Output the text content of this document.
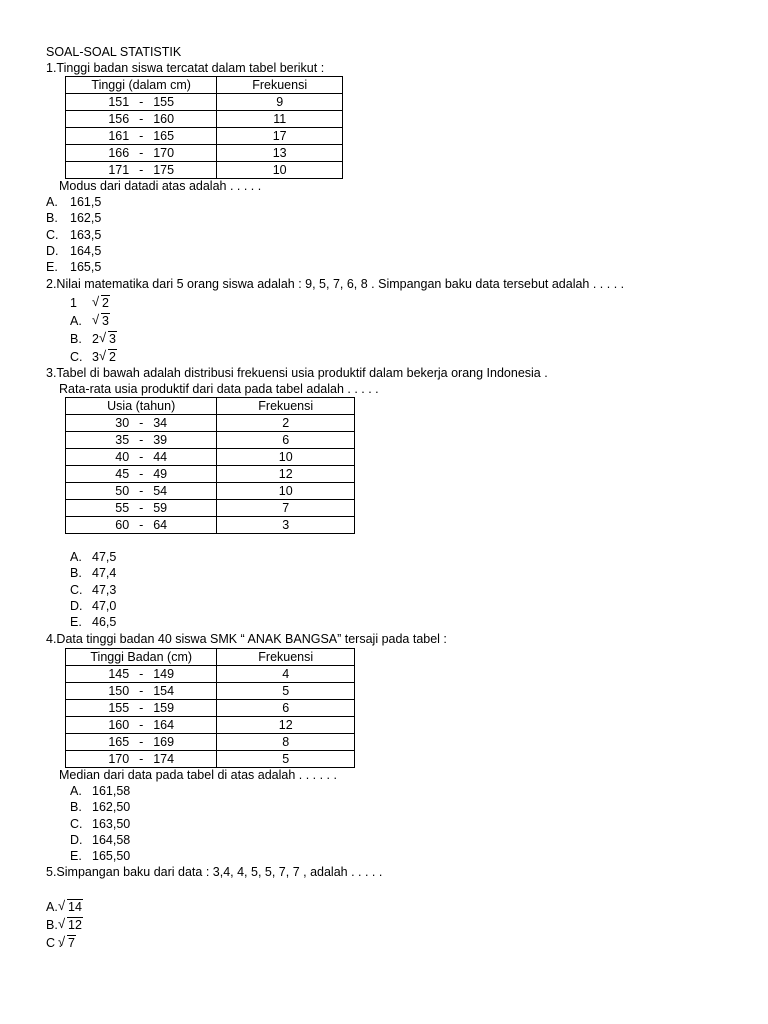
SOAL-SOAL STATISTIK
1.Tinggi badan siswa tercatat dalam tabel berikut :
Tinggi (dalam cm)	Frekuensi
151 - 155	9
156 - 160	11
161 - 165	17
166 - 170	13
171 - 175	10
Modus dari datadi atas adalah . . . . .
A. 161,5
B. 162,5
C. 163,5
D. 164,5
E. 165,5
2.Nilai matematika dari 5 orang siswa adalah : 9, 5, 7, 6, 8 . Simpangan baku data tersebut adalah . . . . .
1 √ 2
A. √ 3
B. 2 √ 3
C. 3 √ 2
3.Tabel di bawah adalah distribusi frekuensi usia produktif dalam bekerja orang Indonesia .
Rata-rata usia produktif dari data pada tabel adalah . . . . .
Usia (tahun)	Frekuensi
30 - 34	2
35 - 39	6
40 - 44	10
45 - 49	12
50 - 54	10
55 - 59	7
60 - 64	3
A. 47,5
B. 47,4
C. 47,3
D. 47,0
E. 46,5
4.Data tinggi badan 40 siswa SMK “ ANAK BANGSA” tersaji pada tabel :
Tinggi Badan (cm)	Frekuensi
145 - 149	4
150 - 154	5
155 - 159	6
160 - 164	12
165 - 169	8
170 - 174	5
Median dari data pada tabel di atas adalah . . . . . .
A. 161,58
B. 162,50
C. 163,50
D. 164,58
E. 165,50
5.Simpangan baku dari data : 3,4, 4, 5, 5, 7, 7 , adalah . . . . .
A. √ 14
B. √ 12
C . √ 7
